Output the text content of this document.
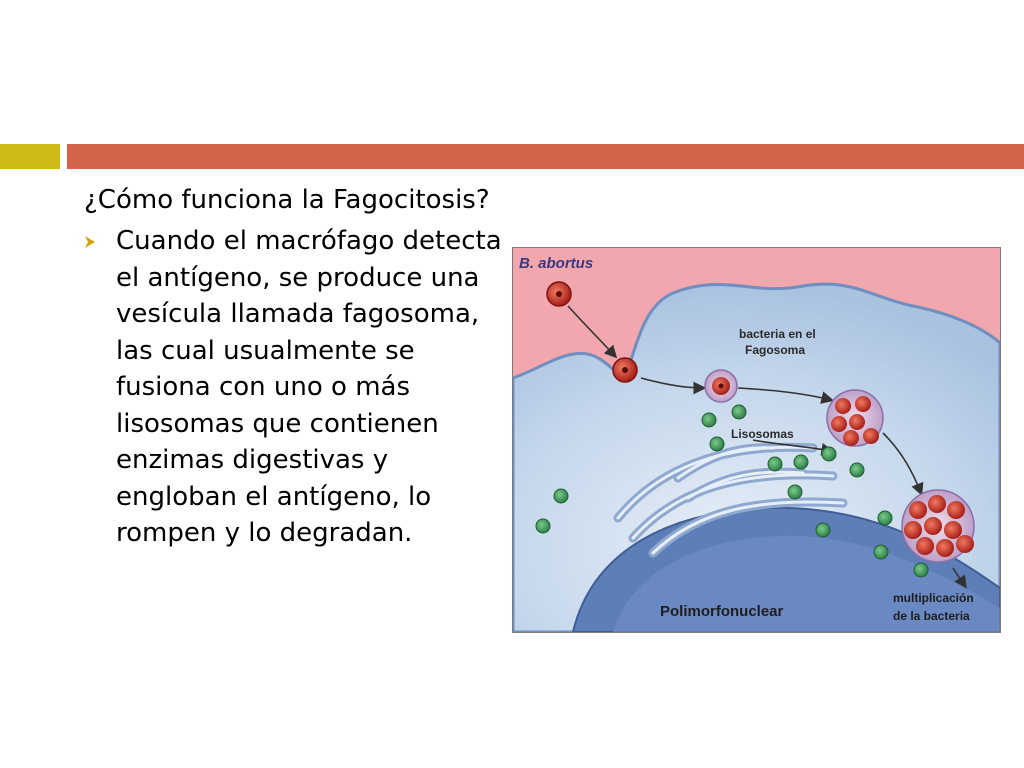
¿Cómo funciona la Fagocitosis?
Cuando el macrófago detecta el antígeno, se produce una vesícula llamada fagosoma, las cual usualmente se fusiona con uno o más lisosomas que contienen enzimas digestivas y engloban el antígeno, lo rompen y lo degradan.
B. abortus
bacteria en el
Fagosoma
Lisosomas
Polimorfonuclear
multiplicación
de la bacteria
